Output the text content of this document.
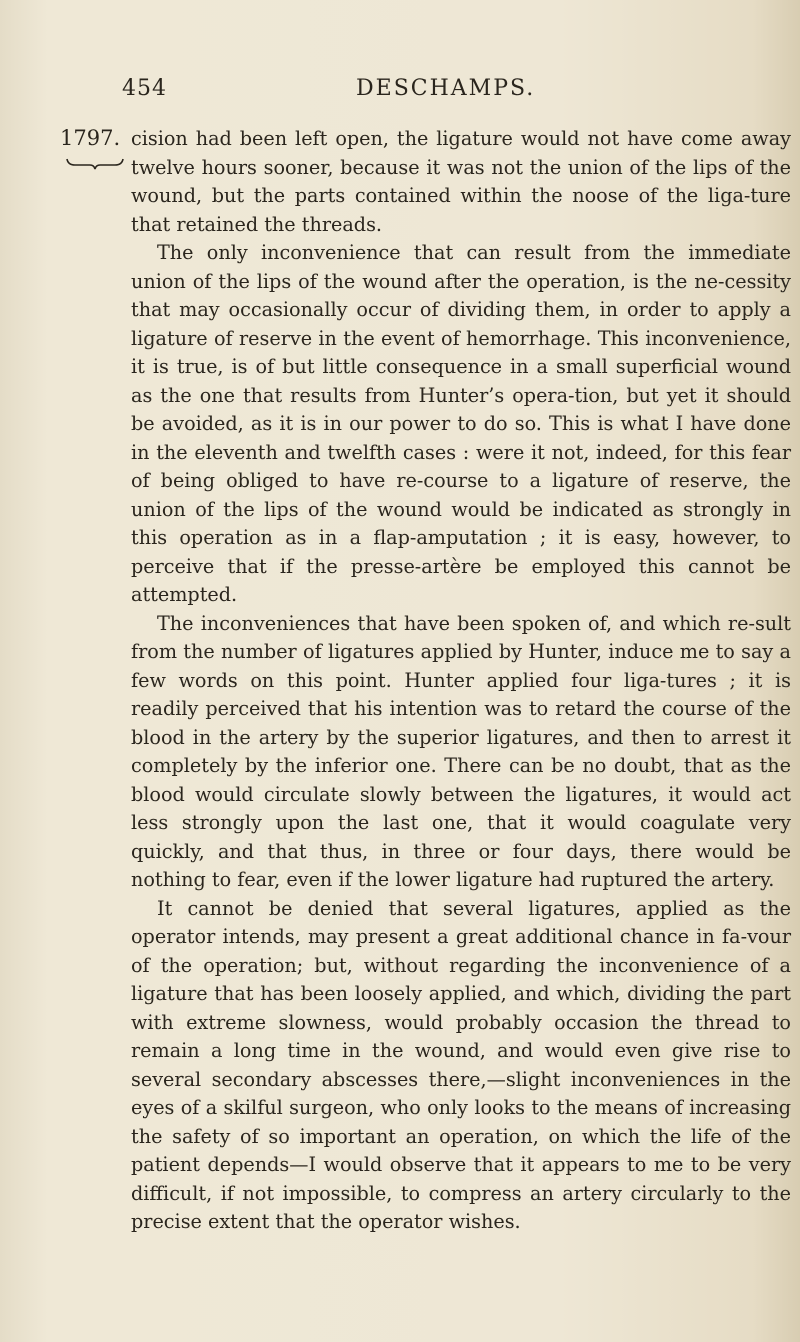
454	DESCHAMPS.
1797. cision had been left open, the ligature would not have come away twelve hours sooner, because it was not the union of the lips of the wound, but the parts contained within the noose of the liga-ture that retained the threads.

The only inconvenience that can result from the immediate union of the lips of the wound after the operation, is the ne-cessity that may occasionally occur of dividing them, in order to apply a ligature of reserve in the event of hemorrhage. This inconvenience, it is true, is of but little consequence in a small superficial wound as the one that results from Hunter’s opera-tion, but yet it should be avoided, as it is in our power to do so. This is what I have done in the eleventh and twelfth cases : were it not, indeed, for this fear of being obliged to have re-course to a ligature of reserve, the union of the lips of the wound would be indicated as strongly in this operation as in a flap-amputation ; it is easy, however, to perceive that if the presse-artère be employed this cannot be attempted.

The inconveniences that have been spoken of, and which re-sult from the number of ligatures applied by Hunter, induce me to say a few words on this point. Hunter applied four liga-tures ; it is readily perceived that his intention was to retard the course of the blood in the artery by the superior ligatures, and then to arrest it completely by the inferior one. There can be no doubt, that as the blood would circulate slowly between the ligatures, it would act less strongly upon the last one, that it would coagulate very quickly, and that thus, in three or four days, there would be nothing to fear, even if the lower ligature had ruptured the artery.

It cannot be denied that several ligatures, applied as the operator intends, may present a great additional chance in fa-vour of the operation; but, without regarding the inconvenience of a ligature that has been loosely applied, and which, dividing the part with extreme slowness, would probably occasion the thread to remain a long time in the wound, and would even give rise to several secondary abscesses there,—slight inconveniences in the eyes of a skilful surgeon, who only looks to the means of increasing the safety of so important an operation, on which the life of the patient depends—I would observe that it appears to me to be very difficult, if not impossible, to compress an artery circularly to the precise extent that the operator wishes.
